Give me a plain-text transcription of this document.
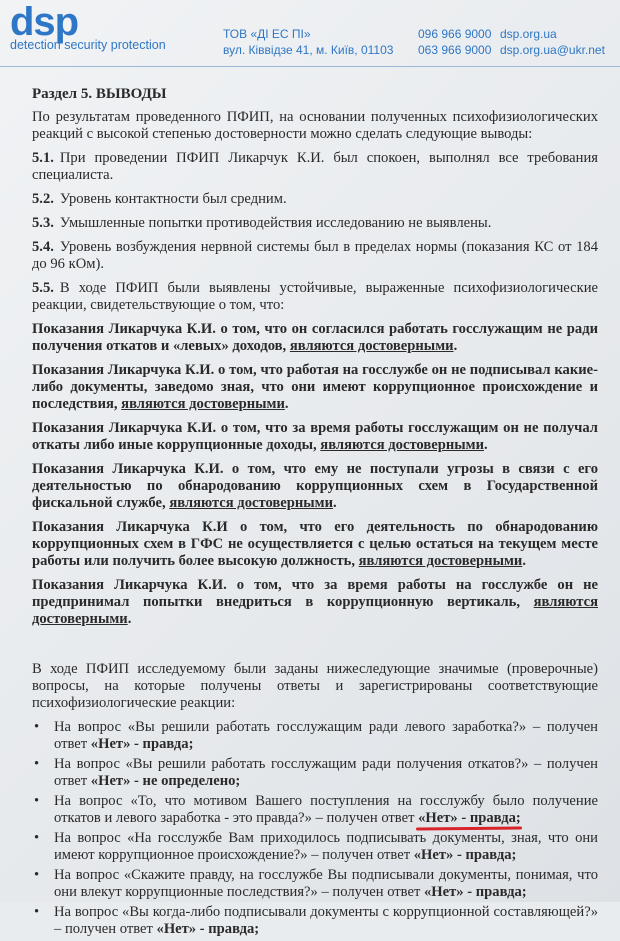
dsp
detection security protection
ТОВ «ДІ ЕС ПІ»
вул. Ківвідзе 41, м. Київ, 01103
096 966 9000
063 966 9000
dsp.org.ua
dsp.org.ua@ukr.net
Раздел 5. ВЫВОДЫ
По результатам проведенного ПФИП, на основании полученных психофизиологических реакций с высокой степенью достоверности можно сделать следующие выводы:
5.1. При проведении ПФИП Ликарчук К.И. был спокоен, выполнял все требования специалиста.
5.2. Уровень контактности был средним.
5.3. Умышленные попытки противодействия исследованию не выявлены.
5.4. Уровень возбуждения нервной системы был в пределах нормы (показания КС от 184 до 96 кОм).
5.5. В ходе ПФИП были выявлены устойчивые, выраженные психофизиологические реакции, свидетельствующие о том, что:
Показания Ликарчука К.И. о том, что он согласился работать госслужащим не ради получения откатов и «левых» доходов, являются достоверными.
Показания Ликарчука К.И. о том, что работая на госслужбе он не подписывал какие-либо документы, заведомо зная, что они имеют коррупционное происхождение и последствия, являются достоверными.
Показания Ликарчука К.И. о том, что за время работы госслужащим он не получал откаты либо иные коррупционные доходы, являются достоверными.
Показания Ликарчука К.И. о том, что ему не поступали угрозы в связи с его деятельностью по обнародованию коррупционных схем в Государственной фискальной службе, являются достоверными.
Показания Ликарчука К.И о том, что его деятельность по обнародованию коррупционных схем в ГФС не осуществляется с целью остаться на текущем месте работы или получить более высокую должность, являются достоверными.
Показания Ликарчука К.И. о том, что за время работы на госслужбе он не предпринимал попытки внедриться в коррупционную вертикаль, являются достоверными.
В ходе ПФИП исследуемому были заданы нижеследующие значимые (проверочные) вопросы, на которые получены ответы и зарегистрированы соответствующие психофизиологические реакции:
• На вопрос «Вы решили работать госслужащим ради левого заработка?» – получен ответ «Нет» - правда;
• На вопрос «Вы решили работать госслужащим ради получения откатов?» – получен ответ «Нет» - не определено;
• На вопрос «То, что мотивом Вашего поступления на госслужбу было получение откатов и левого заработка - это правда?» – получен ответ «Нет» - правда;
• На вопрос «На госслужбе Вам приходилось подписывать документы, зная, что они имеют коррупционное происхождение?» – получен ответ «Нет» - правда;
• На вопрос «Скажите правду, на госслужбе Вы подписывали документы, понимая, что они влекут коррупционные последствия?» – получен ответ «Нет» - правда;
• На вопрос «Вы когда-либо подписывали документы с коррупционной составляющей?» – получен ответ «Нет» - правда;
